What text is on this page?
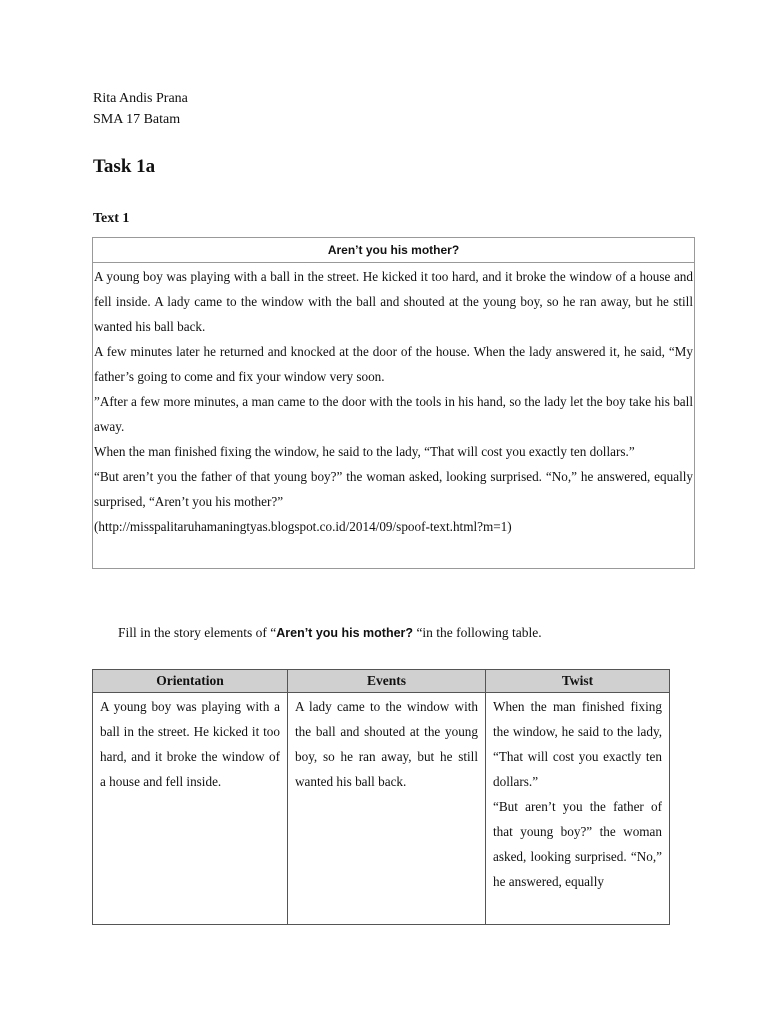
Rita Andis Prana
SMA 17 Batam
Task 1a
Text 1
Aren’t you his mother?

A young boy was playing with a ball in the street. He kicked it too hard, and it broke the window of a house and fell inside. A lady came to the window with the ball and shouted at the young boy, so he ran away, but he still wanted his ball back.

A few minutes later he returned and knocked at the door of the house. When the lady answered it, he said, “My father’s going to come and fix your window very soon.

”After a few more minutes, a man came to the door with the tools in his hand, so the lady let the boy take his ball away.

When the man finished fixing the window, he said to the lady, “That will cost you exactly ten dollars.”

“But aren’t you the father of that young boy?” the woman asked, looking surprised. “No,” he answered, equally surprised, “Aren’t you his mother?”

(http://misspalitaruhamaningtyas.blogspot.co.id/2014/09/spoof-text.html?m=1)

Fill in the story elements of “Aren’t you his mother? “in the following table.
Orientation	Events	Twist
A young boy was playing with a ball in the street. He kicked it too hard, and it broke the window of a house and fell inside.	A lady came to the window with the ball and shouted at the young boy, so he ran away, but he still wanted his ball back.	When the man finished fixing the window, he said to the lady, “That will cost you exactly ten dollars.”

“But aren’t you the father of that young boy?” the woman asked, looking surprised. “No,” he answered, equally
